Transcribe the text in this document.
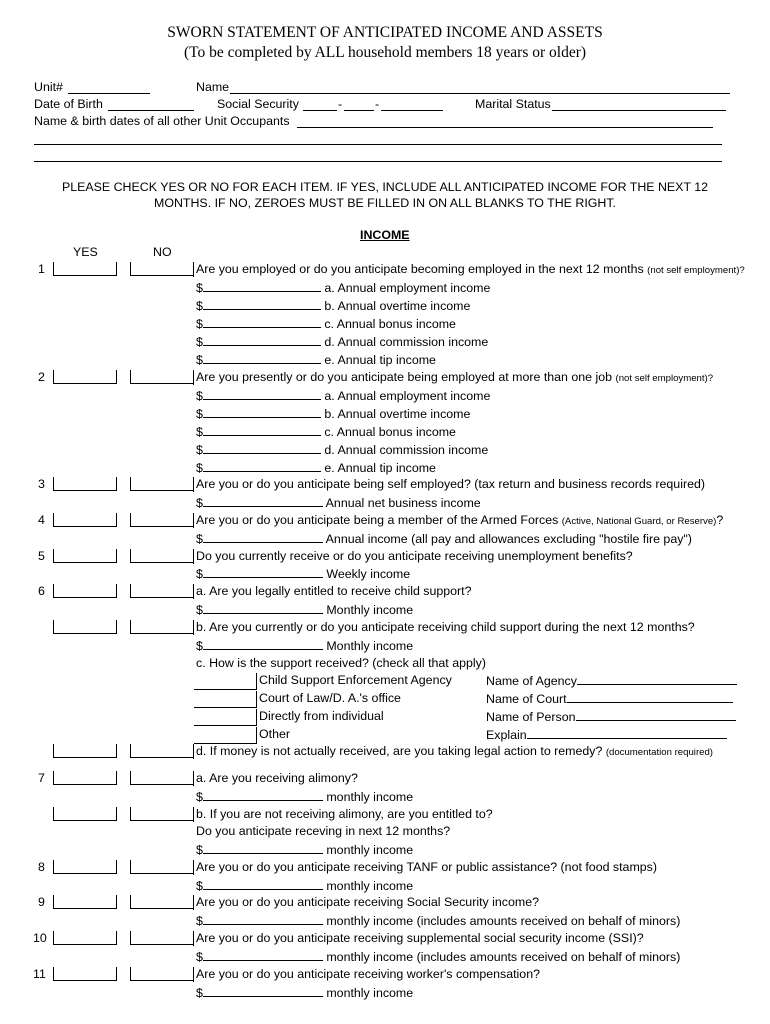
SWORN STATEMENT OF ANTICIPATED INCOME AND ASSETS
(To be completed by ALL household members 18 years or older)
Unit#	Name
Date of Birth	Social Security	-	-	Marital Status
Name & birth dates of all other Unit Occupants
PLEASE CHECK YES OR NO FOR EACH ITEM. IF YES, INCLUDE ALL ANTICIPATED INCOME FOR THE NEXT 12
MONTHS. IF NO, ZEROES MUST BE FILLED IN ON ALL BLANKS TO THE RIGHT.
INCOME
YES	NO
1	Are you employed or do you anticipate becoming employed in the next 12 months (not self employment)?
$	a. Annual employment income
$	b. Annual overtime income
$	c. Annual bonus income
$	d. Annual commission income
$	e. Annual tip income
2	Are you presently or do you anticipate being employed at more than one job (not self employment)?
$	a. Annual employment income
$	b. Annual overtime income
$	c. Annual bonus income
$	d. Annual commission income
$	e. Annual tip income
3	Are you or do you anticipate being self employed? (tax return and business records required)
$	Annual net business income
4	Are you or do you anticipate being a member of the Armed Forces (Active, National Guard, or Reserve)?
$	Annual income (all pay and allowances excluding "hostile fire pay")
5	Do you currently receive or do you anticipate receiving unemployment benefits?
$	Weekly income
6	a. Are you legally entitled to receive child support?
$	Monthly income
b. Are you currently or do you anticipate receiving child support during the next 12 months?
$	Monthly income
c. How is the support received? (check all that apply)
Child Support Enforcement Agency	Name of Agency
Court of Law/D. A.'s office	Name of Court
Directly from individual	Name of Person
Other	Explain
d. If money is not actually received, are you taking legal action to remedy? (documentation required)
7	a. Are you receiving alimony?
$	monthly income
b. If you are not receiving alimony, are you entitled to?
Do you anticipate receving in next 12 months?
$	monthly income
8	Are you or do you anticipate receiving TANF or public assistance? (not food stamps)
$	monthly income
9	Are you or do you anticipate receiving Social Security income?
$	monthly income (includes amounts received on behalf of minors)
10	Are you or do you anticipate receiving supplemental social security income (SSI)?
$	monthly income (includes amounts received on behalf of minors)
11	Are you or do you anticipate receiving worker's compensation?
$	monthly income
